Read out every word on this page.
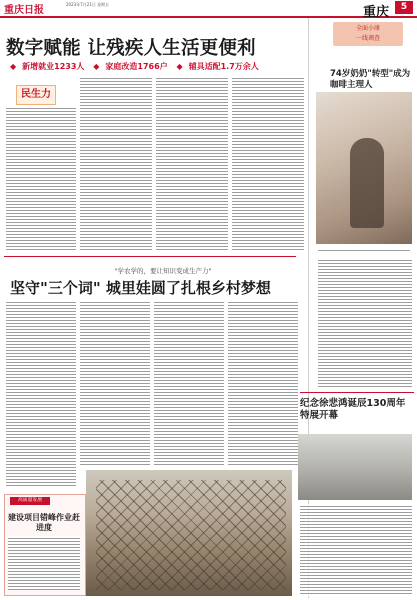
重庆日报
2023年7月21日 星期五
重庆	5
数字赋能 让残疾人生活更便利
◆ 新增就业1233人 ◆ 家庭改造1766户 ◆ 辅具适配1.7万余人
民生力
全面小康
一线调查
74岁奶奶"转型"成为咖啡主理人
纪念徐悲鸿诞辰130周年特展开幕
"学农学的，要让知识变成生产力"
坚守"三个词" 城里娃圆了扎根乡村梦想
高质量发展
建设项目错峰作业赶进度
